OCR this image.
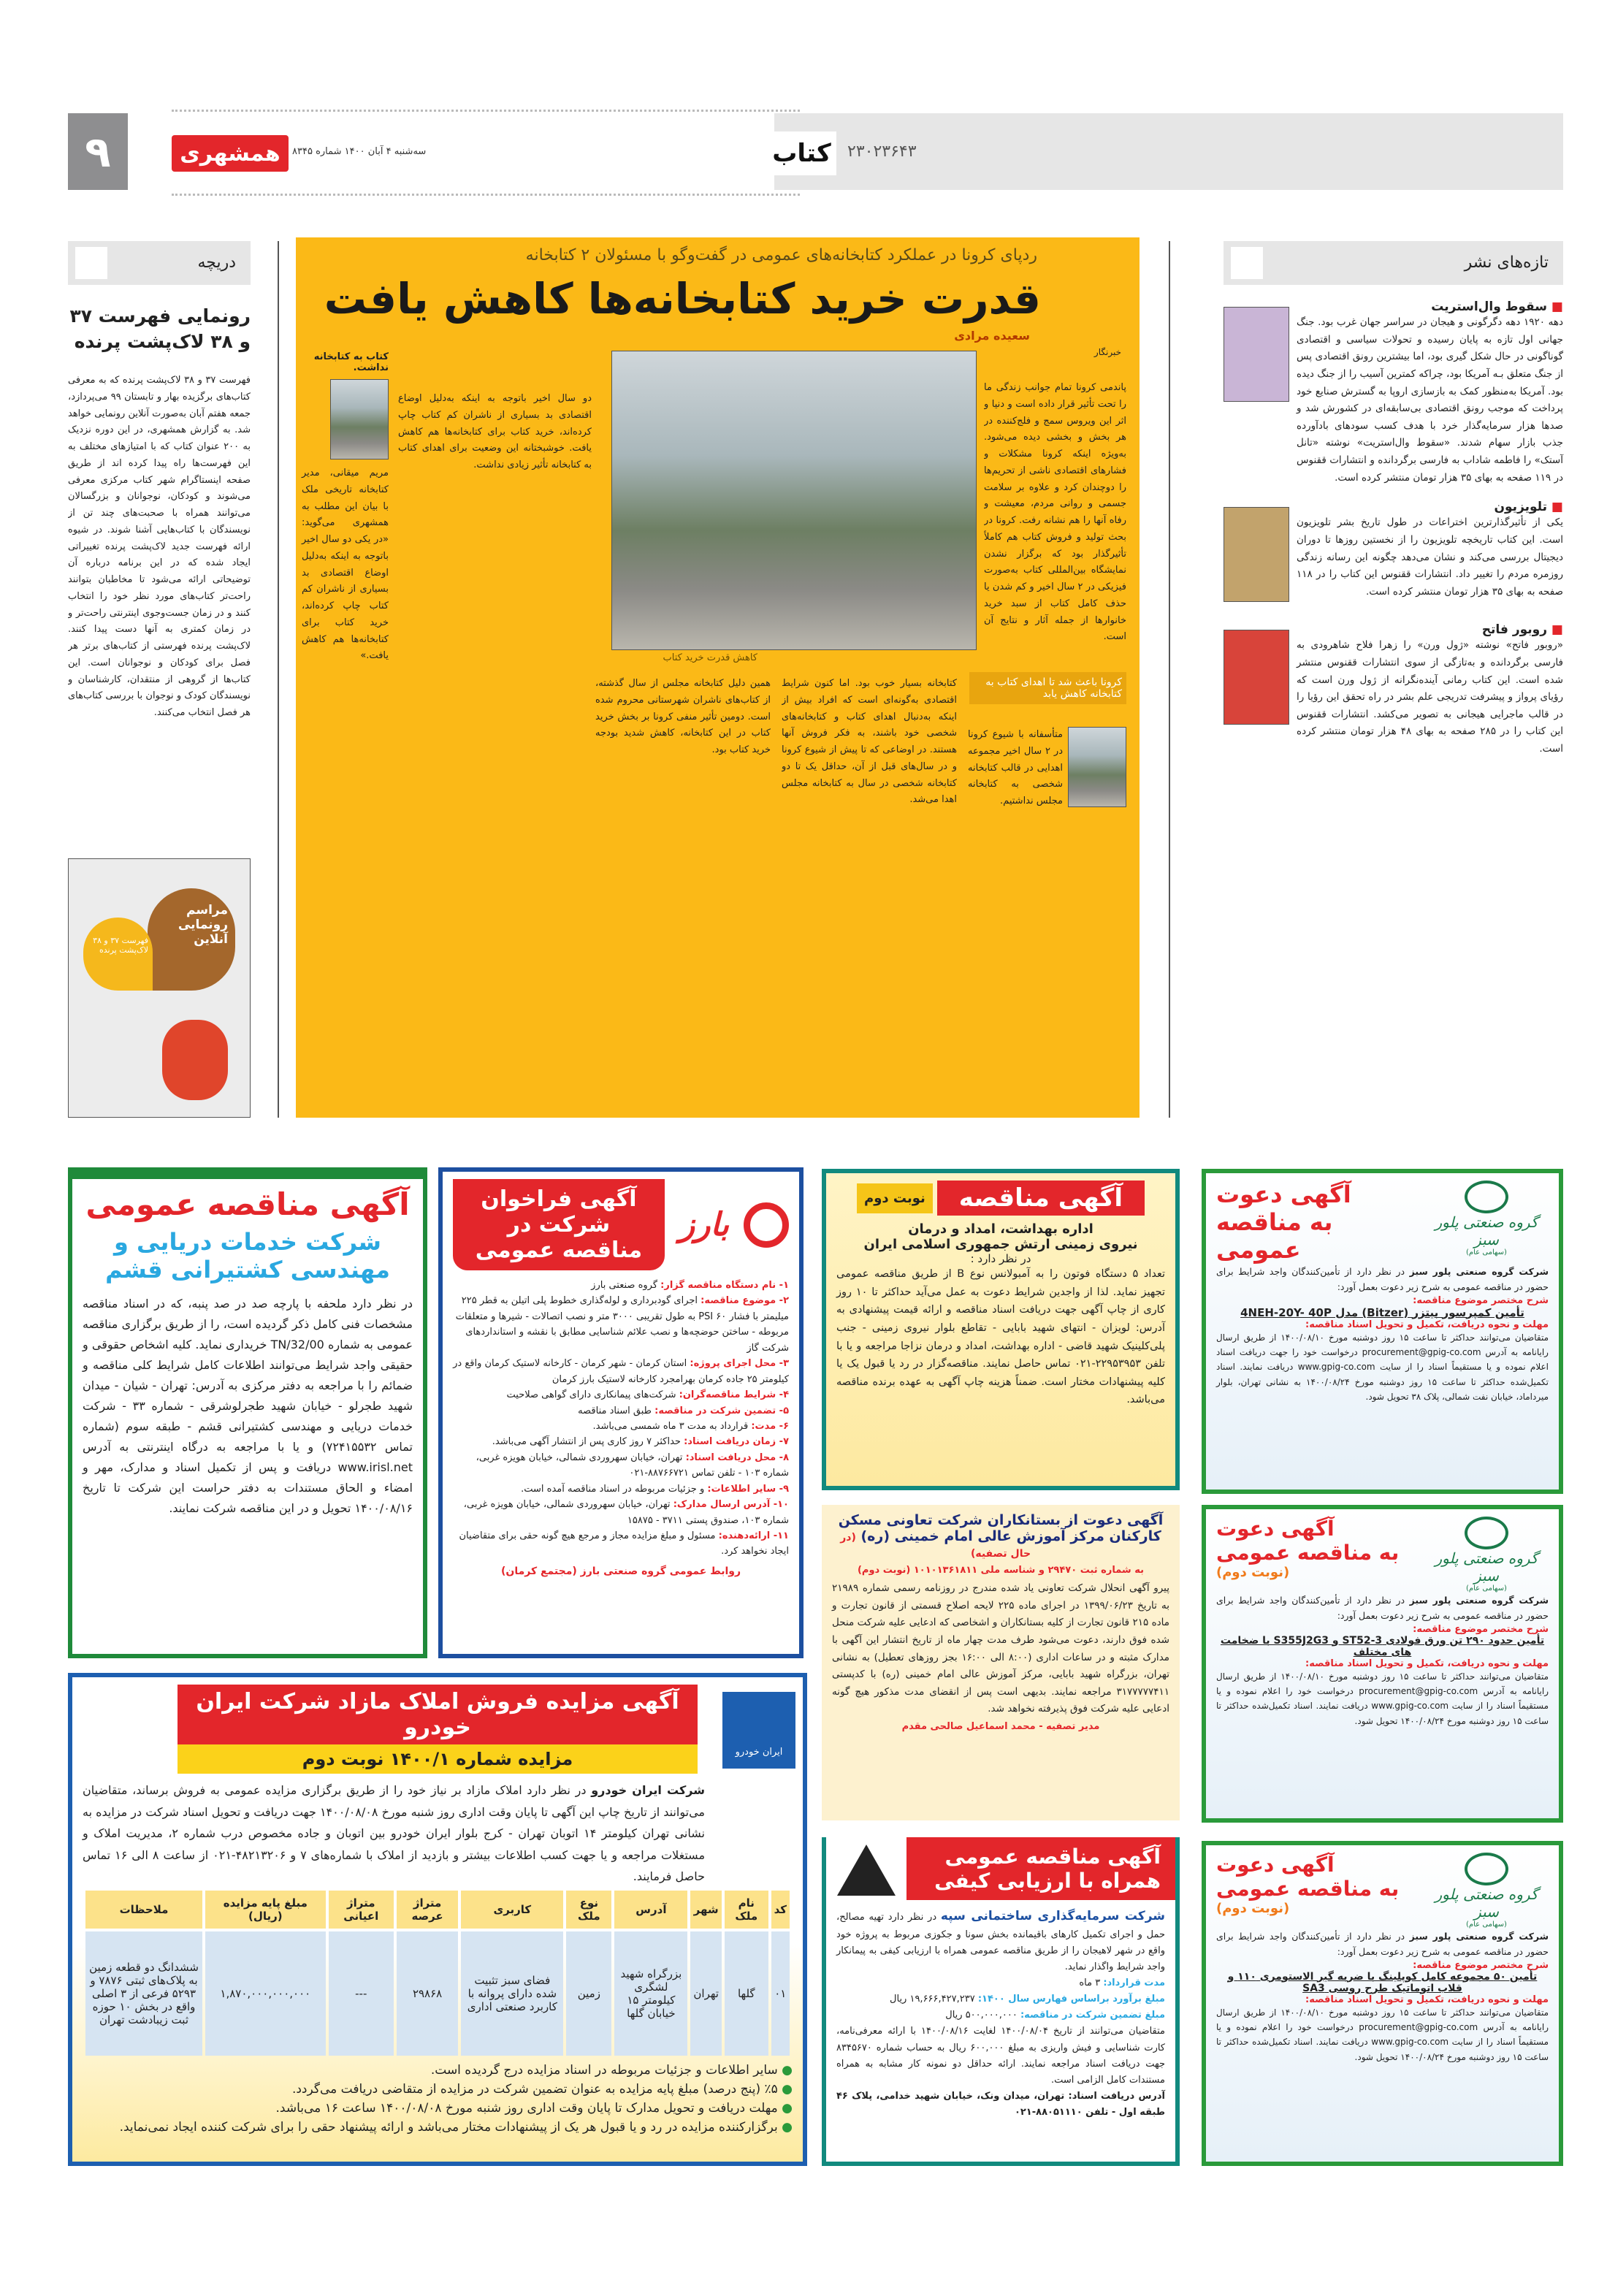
۹	همشهری	سه‌شنبه ۴ آبان ۱۴۰۰ شماره ۸۳۴۵	کتاب	۲۳۰۲۳۶۴۳
دریچه
رونمایی فهرست ۳۷ و ۳۸ لاک‌پشت پرنده
فهرست ۳۷ و ۳۸ لاک‌پشت پرنده که به معرفی کتاب‌های برگزیده بهار و تابستان ۹۹ می‌پردازد، جمعه هفتم آبان به‌صورت آنلاین رونمایی خواهد شد. به گزارش همشهری، در این دوره نزدیک به ۲۰۰ عنوان کتاب که با امتیازهای مختلف به این فهرست‌ها راه پیدا کرده اند از طریق صفحه اینستاگرام شهر کتاب مرکزی معرفی می‌شوند و کودکان، نوجوانان و بزرگسالان می‌توانند همراه با صحبت‌های چند تن از نویسندگان با کتاب‌هایی آشنا شوند. در شیوه ارائه فهرست جدید لاک‌پشت پرنده تغییراتی ایجاد شده که در این برنامه درباره آن توضیحاتی ارائه می‌شود تا مخاطبان بتوانند راحت‌تر کتاب‌های مورد نظر خود را انتخاب کنند و در زمان جست‌وجوی اینترنتی راحت‌تر و در زمان کمتری به آنها دست پیدا کنند. لاک‌پشت پرنده فهرستی از کتاب‌های برتر هر فصل برای کودکان و نوجوانان است. این کتاب‌ها از گروهی از منتقدان، کارشناسان و نویسندگان کودک و نوجوان با بررسی کتاب‌های هر فصل انتخاب می‌کنند.
مراسم رونمایی آنلاین
فهرست ۳۷ و ۳۸ لاک‌پشت پرنده
ردپای کرونا در عملکرد کتابخانه‌های عمومی در گفت‌وگو با مسئولان ۲ کتابخانه
قدرت خرید کتابخانه‌ها کاهش یافت
کتاب به کتابخانه نداشت.
مریم میقانی، مدیر کتابخانه تاریخی ملک با بیان این مطلب به همشهری می‌گوید: «در یکی دو سال اخیر باتوجه به اینکه به‌دلیل اوضاع اقتصادی بد بسیاری از ناشران کم کتاب چاپ کرده‌اند، خرید کتاب برای کتابخانه‌ها هم کاهش یافت.»
دو سال اخیر باتوجه به اینکه به‌دلیل اوضاع اقتصادی بد بسیاری از ناشران کم کتاب چاپ کرده‌اند، خرید کتاب برای کتابخانه‌ها هم کاهش یافت. خوشبختانه این وضعیت برای اهدای کتاب به کتابخانه تأثیر زیادی نداشت.
کاهش قدرت خرید کتاب
سعیده مرادی
خبرنگار
پاندمی کرونا تمام جوانب زندگی ما را تحت تأثیر قرار داده است و دنیا و اثر این ویروس سمج و فلج‌کننده در هر بخش و بخشی دیده می‌شود. به‌ویژه اینکه کرونا مشکلات و فشارهای اقتصادی ناشی از تحریم‌ها را دوچندان کرد و علاوه بر سلامت جسمی و روانی مردم، معیشت و رفاه آنها را هم نشانه رفت. کرونا در بحث تولید و فروش کتاب هم کاملاً تأثیرگذار بود که برگزار نشدن نمایشگاه بین‌المللی کتاب به‌صورت فیزیکی در ۲ سال اخیر و کم شدن یا حذف کامل کتاب از سبد خرید خانوارها از جمله آثار و نتایج آن است.
کرونا باعث شد تا اهدای کتاب به کتابخانه کاهش یابد
متأسفانه با شیوع کرونا در ۲ سال اخیر مجموعه اهدایی در قالب کتابخانه شخصی به کتابخانه مجلس نداشتیم.
کتابخانه بسیار خوب بود. اما کنون شرایط اقتصادی به‌گونه‌ای است که افراد بیش از اینکه به‌دنبال اهدای کتاب و کتابخانه‌های شخصی خود باشند، به فکر فروش آنها هستند. در اوضاعی که تا پیش از شیوع کرونا و در سال‌های قبل از آن، حداقل یک تا دو کتابخانه شخصی در سال به کتابخانه مجلس اهدا می‌شد.
همین دلیل کتابخانه مجلس از سال گذشته، از کتاب‌های ناشران شهرستانی محروم شده است. دومین تأثیر منفی کرونا بر بخش خرید کتاب در این کتابخانه، کاهش شدید بودجه خرید کتاب بود.
تازه‌های نشر
■ سقوط وال‌استریت
دهه ۱۹۲۰ دهه دگرگونی و هیجان در سراسر جهان غرب بود. جنگ جهانی اول تازه به پایان رسیده و تحولات سیاسی و اقتصادی گوناگونی در حال شکل گیری بود، اما بیشترین رونق اقتصادی پس از جنگ متعلق بـه آمریکا بود، چراکه کمترین آسیب را از جنگ دیده بود. آمریکا به‌منظور کمک به بازسازی اروپا به گسترش صنایع خود پرداخت که موجب رونق اقتصادی بی‌سابقه‌ای در کشورش شد و صدها هزار سرمایه‌گذار خرد با هدف کسب سودهای بادآورده جذب بازار سهام شدند. «سقوط وال‌استریت» نوشته «تانل آستک» را فاطمه شاداب به فارسی برگردانده و انتشارات ققنوس در ۱۱۹ صفحه به بهای ۳۵ هزار تومان منتشر کرده است.
■ تلویزیون
یکی از تأثیرگذارترین اختراعات در طول تاریخ بشر تلویزیون است. این کتاب تاریخچه تلویزیون را از نخستین روزها تا دوران دیجیتال بررسی می‌کند و نشان می‌دهد چگونه این رسانه زندگی روزمره مردم را تغییر داد. انتشارات ققنوس این کتاب را در ۱۱۸ صفحه به بهای ۳۵ هزار تومان منتشر کرده است.
■ روبور فاتح
«روبور فاتح» نوشته «ژول ورن» را زهرا فلاح شاهرودی به فارسی برگردانده و به‌تازگی از سوی انتشارات ققنوس منتشر شده است. این کتاب رمانی آینده‌نگرانه از ژول ورن است که رؤیای پرواز و پیشرفت تدریجی علم بشر در راه تحقق این رؤیا را در قالب ماجرایی هیجانی به تصویر می‌کشد. انتشارات ققنوس این کتاب را در ۲۸۵ صفحه به بهای ۴۸ هزار تومان منتشر کرده است.
آگهی مناقصه عمومی
شرکت خدمات دریایی و مهندسی کشتیرانی قشم
در نظر دارد ملحفه با پارچه صد در صد پنبه، که در اسناد مناقصه مشخصات فنی کامل ذکر گردیده است، را از طریق برگزاری مناقصه عمومی به شماره 00/TN/32 خریداری نماید. کلیه اشخاص حقوقی و حقیقی واجد شرایط می‌توانند اطلاعات کامل شرایط کلی مناقصه و ضمائم را با مراجعه به دفتر مرکزی به آدرس: تهران - شیان - میدان شهید طجرلو - خیابان شهید طجرلوشرقی - شماره ۳۳ - شرکت خدمات دریایی و مهندسی کشتیرانی قشم - طبقه سوم (شماره تماس ۷۲۴۱۵۵۳۲) و یا با مراجعه به درگاه اینترنتی به آدرس www.irisl.net دریافت و پس از تکمیل اسناد و مدارک، مهر و امضاء و الحاق مستندات به دفتر حراست این شرکت تا تاریخ ۱۴۰۰/۰۸/۱۶ تحویل و در این مناقصه شرکت نمایند.
آگهی فراخوان شرکت در مناقصه عمومی
بارز
۱- نام دستگاه مناقصه گزار: گروه صنعتی بارز
۲- موضوع مناقصه: اجرای گودبرداری و لوله‌گذاری خطوط پلی اتیلن به قطر ۲۲۵ میلیمتر با فشار PSI ۶۰ به طول تقریبی ۳۰۰۰ متر و نصب اتصالات - شیرها و متعلقات مربوطه - ساختن حوضچه‌ها و نصب علائم شناسایی مطابق با نقشه و استانداردهای شرکت گاز
۳- محل اجرای پروژه: استان کرمان - شهر کرمان - کارخانه لاستیک کرمان واقع در کیلومتر ۲۵ جاده کرمان بهرامجرد کارخانه لاستیک بارز کرمان
۴- شرایط مناقصه‌گران: شرکت‌های پیمانکاری دارای گواهی صلاحیت
۵- تضمین شرکت در مناقصه: طبق اسناد مناقصه
۶- مدت: قرارداد به مدت ۳ ماه شمسی می‌باشد.
۷- زمان دریافت اسناد: حداکثر ۷ روز کاری پس از انتشار آگهی می‌باشد.
۸- محل دریافت اسناد: تهران، خیابان سهروردی شمالی، خیابان هویزه غربی، شماره ۱۰۳ - تلفن تماس ۸۸۷۶۶۷۲۱-۰۲۱
۹- سایر اطلاعات: و جزئیات مربوطه در اسناد مناقصه آمده است.
۱۰- آدرس ارسال مدارک: تهران، خیابان سهروردی شمالی، خیابان هویزه غربی، شماره ۱۰۳، صندوق پستی ۳۷۱۱ - ۱۵۸۷۵
۱۱- ارائه‌دهنده: مسئول و مبلغ مزایده مجاز و مرجع هیچ گونه حقی برای متقاضیان ایجاد نخواهد کرد.
روابط عمومی گروه صنعتی بارز (مجتمع کرمان)
نوبت دوم	آگهی مناقصه
اداره بهداشت، امداد و درمان
نیروی زمینی ارتش جمهوری اسلامی ایران
در نظر دارد :
تعداد ۵ دستگاه فوتون را به آمبولانس نوع B از طریق مناقصه عمومی تجهیز نماید. لذا از واجدین شرایط دعوت به عمل می‌آید حداکثر تا ۱۰ روز کاری از چاپ آگهی جهت دریافت اسناد مناقصه و ارائه قیمت پیشنهادی به آدرس: لویزان - انتهای شهید بابایی - تقاطع بلوار نیروی زمینی - جنب پلی‌کلینیک شهید قاضی - اداره بهداشت، امداد و درمان نزاجا مراجعه و یا با تلفن ۲۲۹۵۳۹۵۳-۰۲۱ تماس حاصل نمایند. مناقصه‌گزار در رد یا قبول یک یا کلیه پیشنهادات مختار است. ضمناً هزینه چاپ آگهی به عهده برنده مناقصه می‌باشد.
آگهی دعوت از بستانکاران شرکت تعاونی مسکن
کارکنان مرکز آموزش عالی امام خمینی (ره) (در حال تصفیه)
به شماره ثبت ۲۹۴۷۰ و شناسه ملی ۱۰۱۰۱۳۶۱۸۱۱ (نوبت دوم)
پیرو آگهی انحلال شرکت تعاونی یاد شده مندرج در روزنامه رسمی شماره ۲۱۹۸۹ به تاریخ ۱۳۹۹/۰۶/۲۳ در اجرای ماده ۲۲۵ لایحه اصلاح قسمتی از قانون تجارت و ماده ۲۱۵ قانون تجارت از کلیه بستانکاران و اشخاصی که ادعایی علیه شرکت منحل شده فوق دارند، دعوت می‌شود طرف مدت چهار ماه از تاریخ انتشار این آگهی با مدارک مثبته و در ساعات اداری (۸:۰۰ الی ۱۶:۰۰ بجز روزهای تعطیل) به نشانی تهران، بزرگراه شهید بابایی، مرکز آموزش عالی امام خمینی (ره) با کدپستی ۳۱۷۷۷۷۷۴۱۱ مراجعه نمایند. بدیهی است پس از انقضای مدت مذکور هیچ گونه ادعایی علیه شرکت فوق پذیرفته نخواهد شد.
مدیر تصفیه - محمد اسماعیل صالحی مقدم
آگهی مناقصه عمومی همراه با ارزیابی کیفی
شرکت سرمایه‌گذاری ساختمانی سپه در نظر دارد تهیه مصالح، حمل و اجرای تکمیل کارهای باقیمانده بخش سونا و جکوزی مربوط به پروژه خود واقع در شهر لاهیجان را از طریق مناقصه عمومی همراه با ارزیابی کیفی به پیمانکار واجد شرایط واگذار نماید.
مدت قرارداد: ۳ ماه
مبلغ برآورد براساس فهارس سال ۱۴۰۰: ۱۹,۶۶۶,۴۲۷,۲۳۷ ریال
مبلغ تضمین شرکت در مناقصه: ۵۰۰,۰۰۰,۰۰۰ ریال
متقاضیان می‌توانند از تاریخ ۱۴۰۰/۰۸/۰۴ لغایت ۱۴۰۰/۰۸/۱۶ با ارائه معرفی‌نامه، کارت شناسایی و فیش واریزی به مبلغ ۶۰۰,۰۰۰ ریال به حساب شماره ۸۳۴۵۶۷۰ جهت دریافت اسناد مراجعه نمایند. ارائه حداقل دو نمونه کار مشابه به همراه مستندات کامل الزامی است.
آدرس دریافت اسناد: تهران، میدان ونک، خیابان شهید خدامی، پلاک ۴۶ طبقه اول - تلفن ۸۸۰۵۱۱۱۰-۰۲۱
گروه صنعتی پلور سبز
(سهامی عام)
آگهی دعوت
به مناقصه عمومی
شرکت گروه صنعتی پلور سبز در نظر دارد از تأمین‌کنندگان واجد شرایط برای حضور در مناقصه عمومی به شرح زیر دعوت بعمل آورد:
شرح مختصر موضوع مناقصه:
تأمین کمپرسور بیتزر (Bitzer) مدل 4NEH-20Y- 40P
مهلت و نحوه دریافت، تکمیل و تحویل اسناد مناقصه:
متقاضیان می‌توانند حداکثر تا ساعت ۱۵ روز دوشنبه مورخ ۱۴۰۰/۰۸/۱۰ از طریق ارسال رایانامه به آدرس procurement@gpig-co.com درخواست خود را جهت دریافت اسناد اعلام نموده و یا مستقیماً اسناد را از سایت www.gpig-co.com دریافت نمایند. اسناد تکمیل‌شده حداکثر تا ساعت ۱۵ روز دوشنبه مورخ ۱۴۰۰/۰۸/۲۴ به نشانی تهران، بلوار میرداماد، خیابان نفت شمالی، پلاک ۳۸ تحویل شود.
گروه صنعتی پلور سبز
(سهامی عام)
آگهی دعوت
به مناقصه عمومی
(نوبت دوم)
شرکت گروه صنعتی پلور سبز در نظر دارد از تأمین‌کنندگان واجد شرایط برای حضور در مناقصه عمومی به شرح زیر دعوت بعمل آورد:
شرح مختصر موضوع مناقصه:
تأمین حدود ۲۹۰ تن ورق فولادی ST52-3 و S355J2G3 با ضخامت های مختلف
مهلت و نحوه دریافت، تکمیل و تحویل اسناد مناقصه:
متقاضیان می‌توانند حداکثر تا ساعت ۱۵ روز دوشنبه مورخ ۱۴۰۰/۰۸/۱۰ از طریق ارسال رایانامه به آدرس procurement@gpig-co.com درخواست خود را اعلام نموده و یا مستقیماً اسناد را از سایت www.gpig-co.com دریافت نمایند. اسناد تکمیل‌شده حداکثر تا ساعت ۱۵ روز دوشنبه مورخ ۱۴۰۰/۰۸/۲۴ تحویل شود.
گروه صنعتی پلور سبز
(سهامی عام)
آگهی دعوت
به مناقصه عمومی
(نوبت دوم)
شرکت گروه صنعتی پلور سبز در نظر دارد از تأمین‌کنندگان واجد شرایط برای حضور در مناقصه عمومی به شرح زیر دعوت بعمل آورد:
شرح مختصر موضوع مناقصه:
تأمین ۵۰ مجموعه کامل کوپلینگ با ضربه گیر الاستومری ۱۱۰ و قلاب اتوماتیک طرح روسی SA3
مهلت و نحوه دریافت، تکمیل و تحویل اسناد مناقصه:
متقاضیان می‌توانند حداکثر تا ساعت ۱۵ روز دوشنبه مورخ ۱۴۰۰/۰۸/۱۰ از طریق ارسال رایانامه به آدرس procurement@gpig-co.com درخواست خود را اعلام نموده و یا مستقیماً اسناد را از سایت www.gpig-co.com دریافت نمایند. اسناد تکمیل‌شده حداکثر تا ساعت ۱۵ روز دوشنبه مورخ ۱۴۰۰/۰۸/۲۴ تحویل شود.
ایران خودرو
آگهی مزایده فروش املاک مازاد شرکت ایران خودرو
مزایده شماره ۱۴۰۰/۱ نوبت دوم
شرکت ایران خودرو در نظر دارد املاک مازاد بر نیاز خود را از طریق برگزاری مزایده عمومی به فروش برساند، متقاضیان می‌توانند از تاریخ چاپ این آگهی تا پایان وقت اداری روز شنبه مورخ ۱۴۰۰/۰۸/۰۸ جهت دریافت و تحویل اسناد شرکت در مزایده به نشانی تهران کیلومتر ۱۴ اتوبان تهران - کرج بلوار ایران خودرو بین اتوبان و جاده مخصوص درب شماره ۲، مدیریت املاک و مستغلات مراجعه و یا جهت کسب اطلاعات بیشتر و بازدید از املاک با شماره‌های ۷ و ۴۸۲۱۳۲۰۶-۰۲۱ از ساعت ۸ الی ۱۶ تماس حاصل فرمایند.
کد	نام ملک	شهر	آدرس	نوع ملک	کاربری	متراژ عرصه	متراژ اعیانی	مبلغ پایه مزایده (ریال)	ملاحظات
۰۱	گلها	تهران	بزرگراه شهید لشگری کیلومتر ۱۵ خیابان گلها	زمین	فضای سبز تثبیت شده دارای پروانه با کاربرد صنعتی اداری	۲۹۸۶۸	---	۱,۸۷۰,۰۰۰,۰۰۰,۰۰۰	ششدانگ دو قطعه زمین به پلاک‌های ثبتی ۷۸۷۶ و ۵۲۹۳ فرعی از ۳ اصلی واقع در بخش ۱۰ حوزه ثبت زیبادشت تهران
● سایر اطلاعات و جزئیات مربوطه در اسناد مزایده درج گردیده است.
● ٪۵ (پنج درصد) مبلغ پایه مزایده به عنوان تضمین شرکت در مزایده از متقاضی دریافت می‌گردد.
● مهلت دریافت و تحویل مدارک تا پایان وقت اداری روز شنبه مورخ ۱۴۰۰/۰۸/۰۸ ساعت ۱۶ می‌باشد.
● برگزارکننده مزایده در رد و یا قبول هر یک از پیشنهادات مختار می‌باشد و ارائه پیشنهاد حقی را برای شرکت کننده ایجاد نمی‌نماید.
